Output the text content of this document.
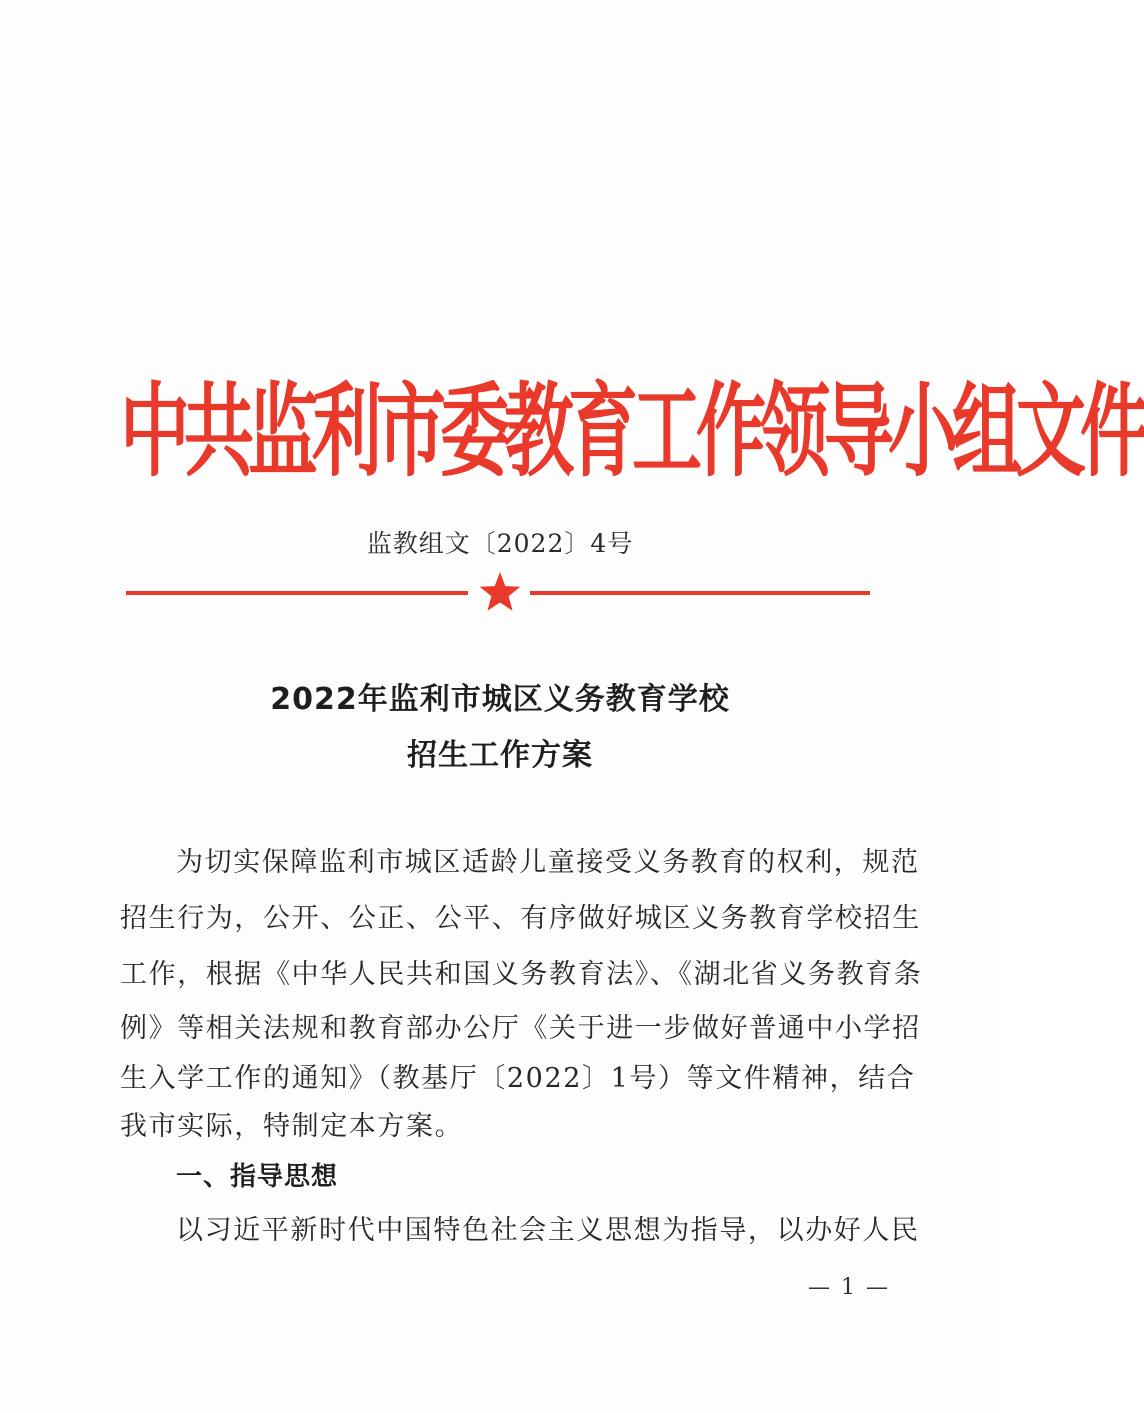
中共监利市委教育工作领导小组文件
监教组文〔2022〕4号
2022年监利市城区义务教育学校
招生工作方案
为切实保障监利市城区适龄儿童接受义务教育的权利，规范
招生行为，公开、公正、公平、有序做好城区义务教育学校招生
工作，根据《中华人民共和国义务教育法》、《湖北省义务教育条
例》等相关法规和教育部办公厅《关于进一步做好普通中小学招
生入学工作的通知》（教基厅〔2022〕1号）等文件精神，结合
我市实际，特制定本方案。
一、指导思想
以习近平新时代中国特色社会主义思想为指导，以办好人民
— 1 —
